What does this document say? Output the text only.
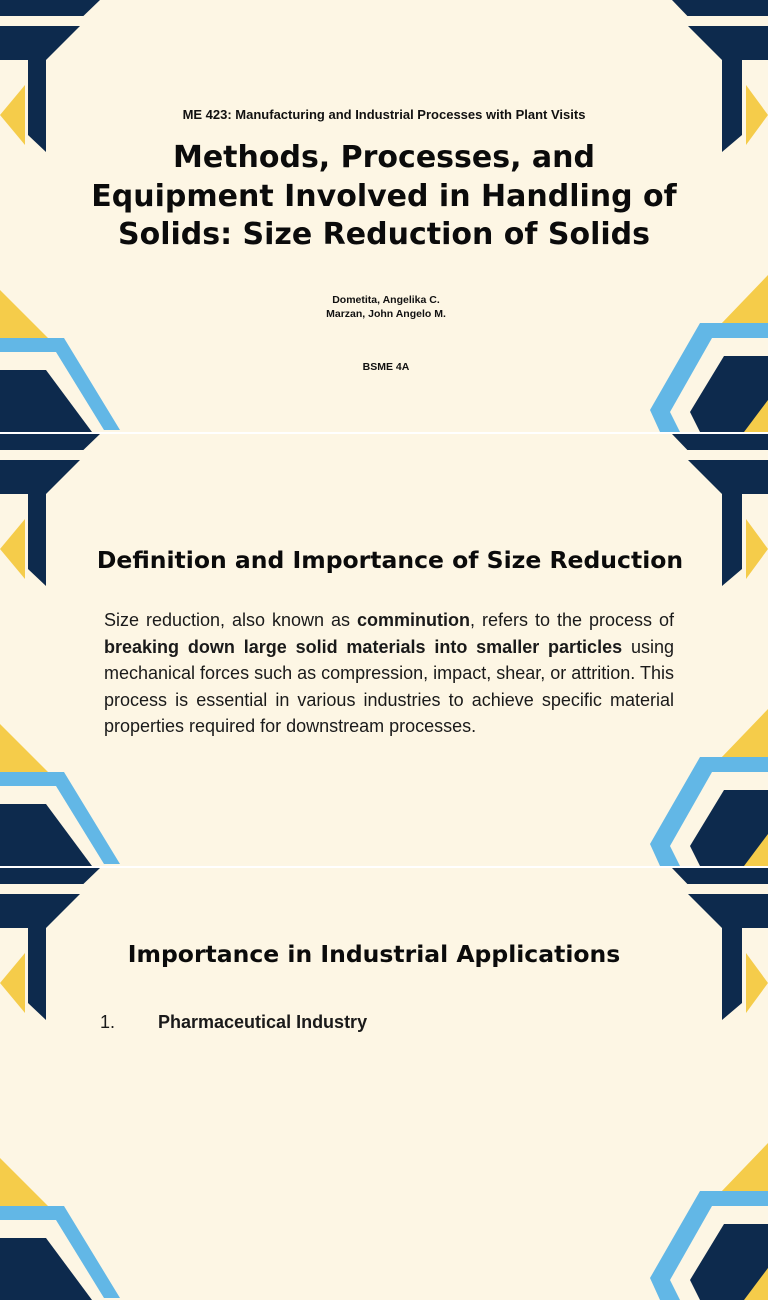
ME 423: Manufacturing and Industrial Processes with Plant Visits
Methods, Processes, and Equipment Involved in Handling of Solids: Size Reduction of Solids
Dometita, Angelika C.
Marzan, John Angelo M.
BSME 4A
Definition and Importance of Size Reduction
Size reduction, also known as comminution, refers to the process of breaking down large solid materials into smaller particles using mechanical forces such as compression, impact, shear, or attrition. This process is essential in various industries to achieve specific material properties required for downstream processes.
Importance in Industrial Applications
1. Pharmaceutical Industry
